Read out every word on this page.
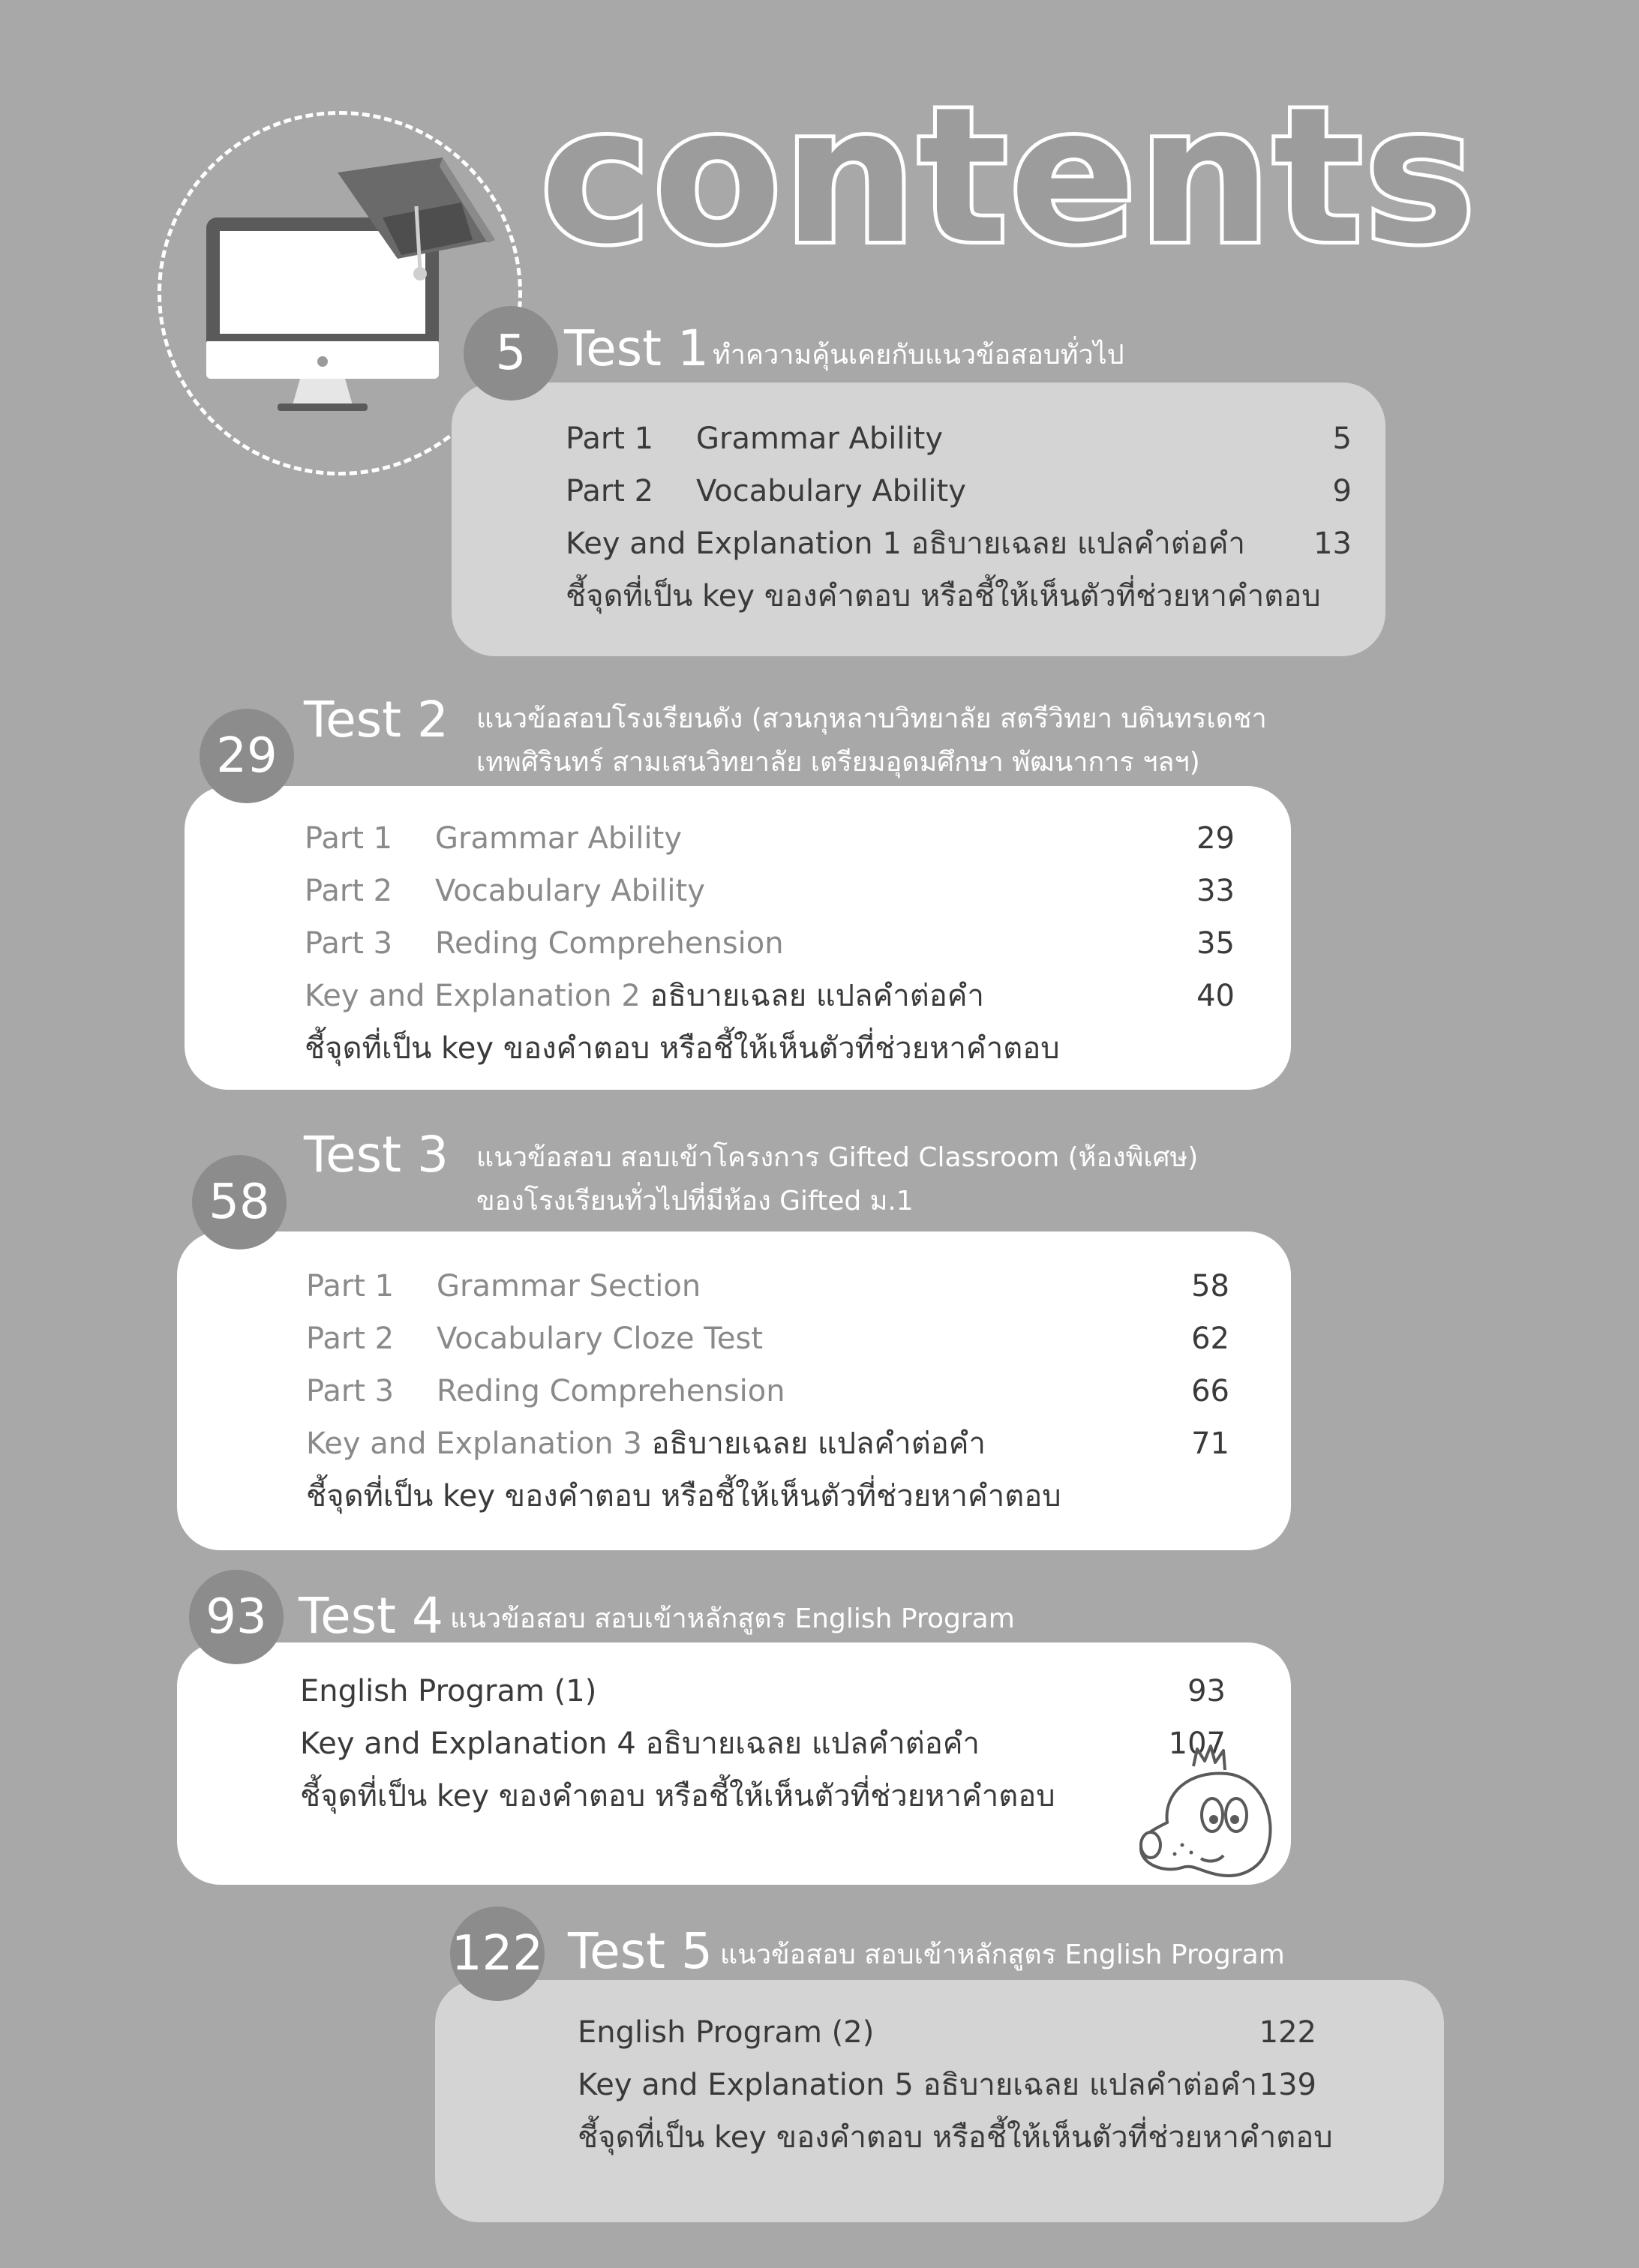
contents
Part 1 Grammar Ability	5
Part 2 Vocabulary Ability	9
Key and Explanation 1 อธิบายเฉลย แปลคำต่อคำ	13
ชี้จุดที่เป็น key ของคำตอบ หรือชี้ให้เห็นตัวที่ช่วยหาคำตอบ
5 Test 1 ทำความคุ้นเคยกับแนวข้อสอบทั่วไป
Part 1 Grammar Ability	29
Part 2 Vocabulary Ability	33
Part 3 Reding Comprehension	35
Key and Explanation 2 อธิบายเฉลย แปลคำต่อคำ	40
ชี้จุดที่เป็น key ของคำตอบ หรือชี้ให้เห็นตัวที่ช่วยหาคำตอบ
29
Test 2 แนวข้อสอบโรงเรียนดัง (สวนกุหลาบวิทยาลัย สตรีวิทยา บดินทรเดชา
เทพศิรินทร์ สามเสนวิทยาลัย เตรียมอุดมศึกษา พัฒนาการ ฯลฯ)
Part 1 Grammar Section	58
Part 2 Vocabulary Cloze Test	62
Part 3 Reding Comprehension	66
Key and Explanation 3 อธิบายเฉลย แปลคำต่อคำ	71
ชี้จุดที่เป็น key ของคำตอบ หรือชี้ให้เห็นตัวที่ช่วยหาคำตอบ
58
Test 3 แนวข้อสอบ สอบเข้าโครงการ Gifted Classroom (ห้องพิเศษ)
ของโรงเรียนทั่วไปที่มีห้อง Gifted ม.1
English Program (1)	93
Key and Explanation 4 อธิบายเฉลย แปลคำต่อคำ	107
ชี้จุดที่เป็น key ของคำตอบ หรือชี้ให้เห็นตัวที่ช่วยหาคำตอบ
93 Test 4 แนวข้อสอบ สอบเข้าหลักสูตร English Program
English Program (2)	122
Key and Explanation 5 อธิบายเฉลย แปลคำต่อคำ 139
ชี้จุดที่เป็น key ของคำตอบ หรือชี้ให้เห็นตัวที่ช่วยหาคำตอบ
122 Test 5 แนวข้อสอบ สอบเข้าหลักสูตร English Program
